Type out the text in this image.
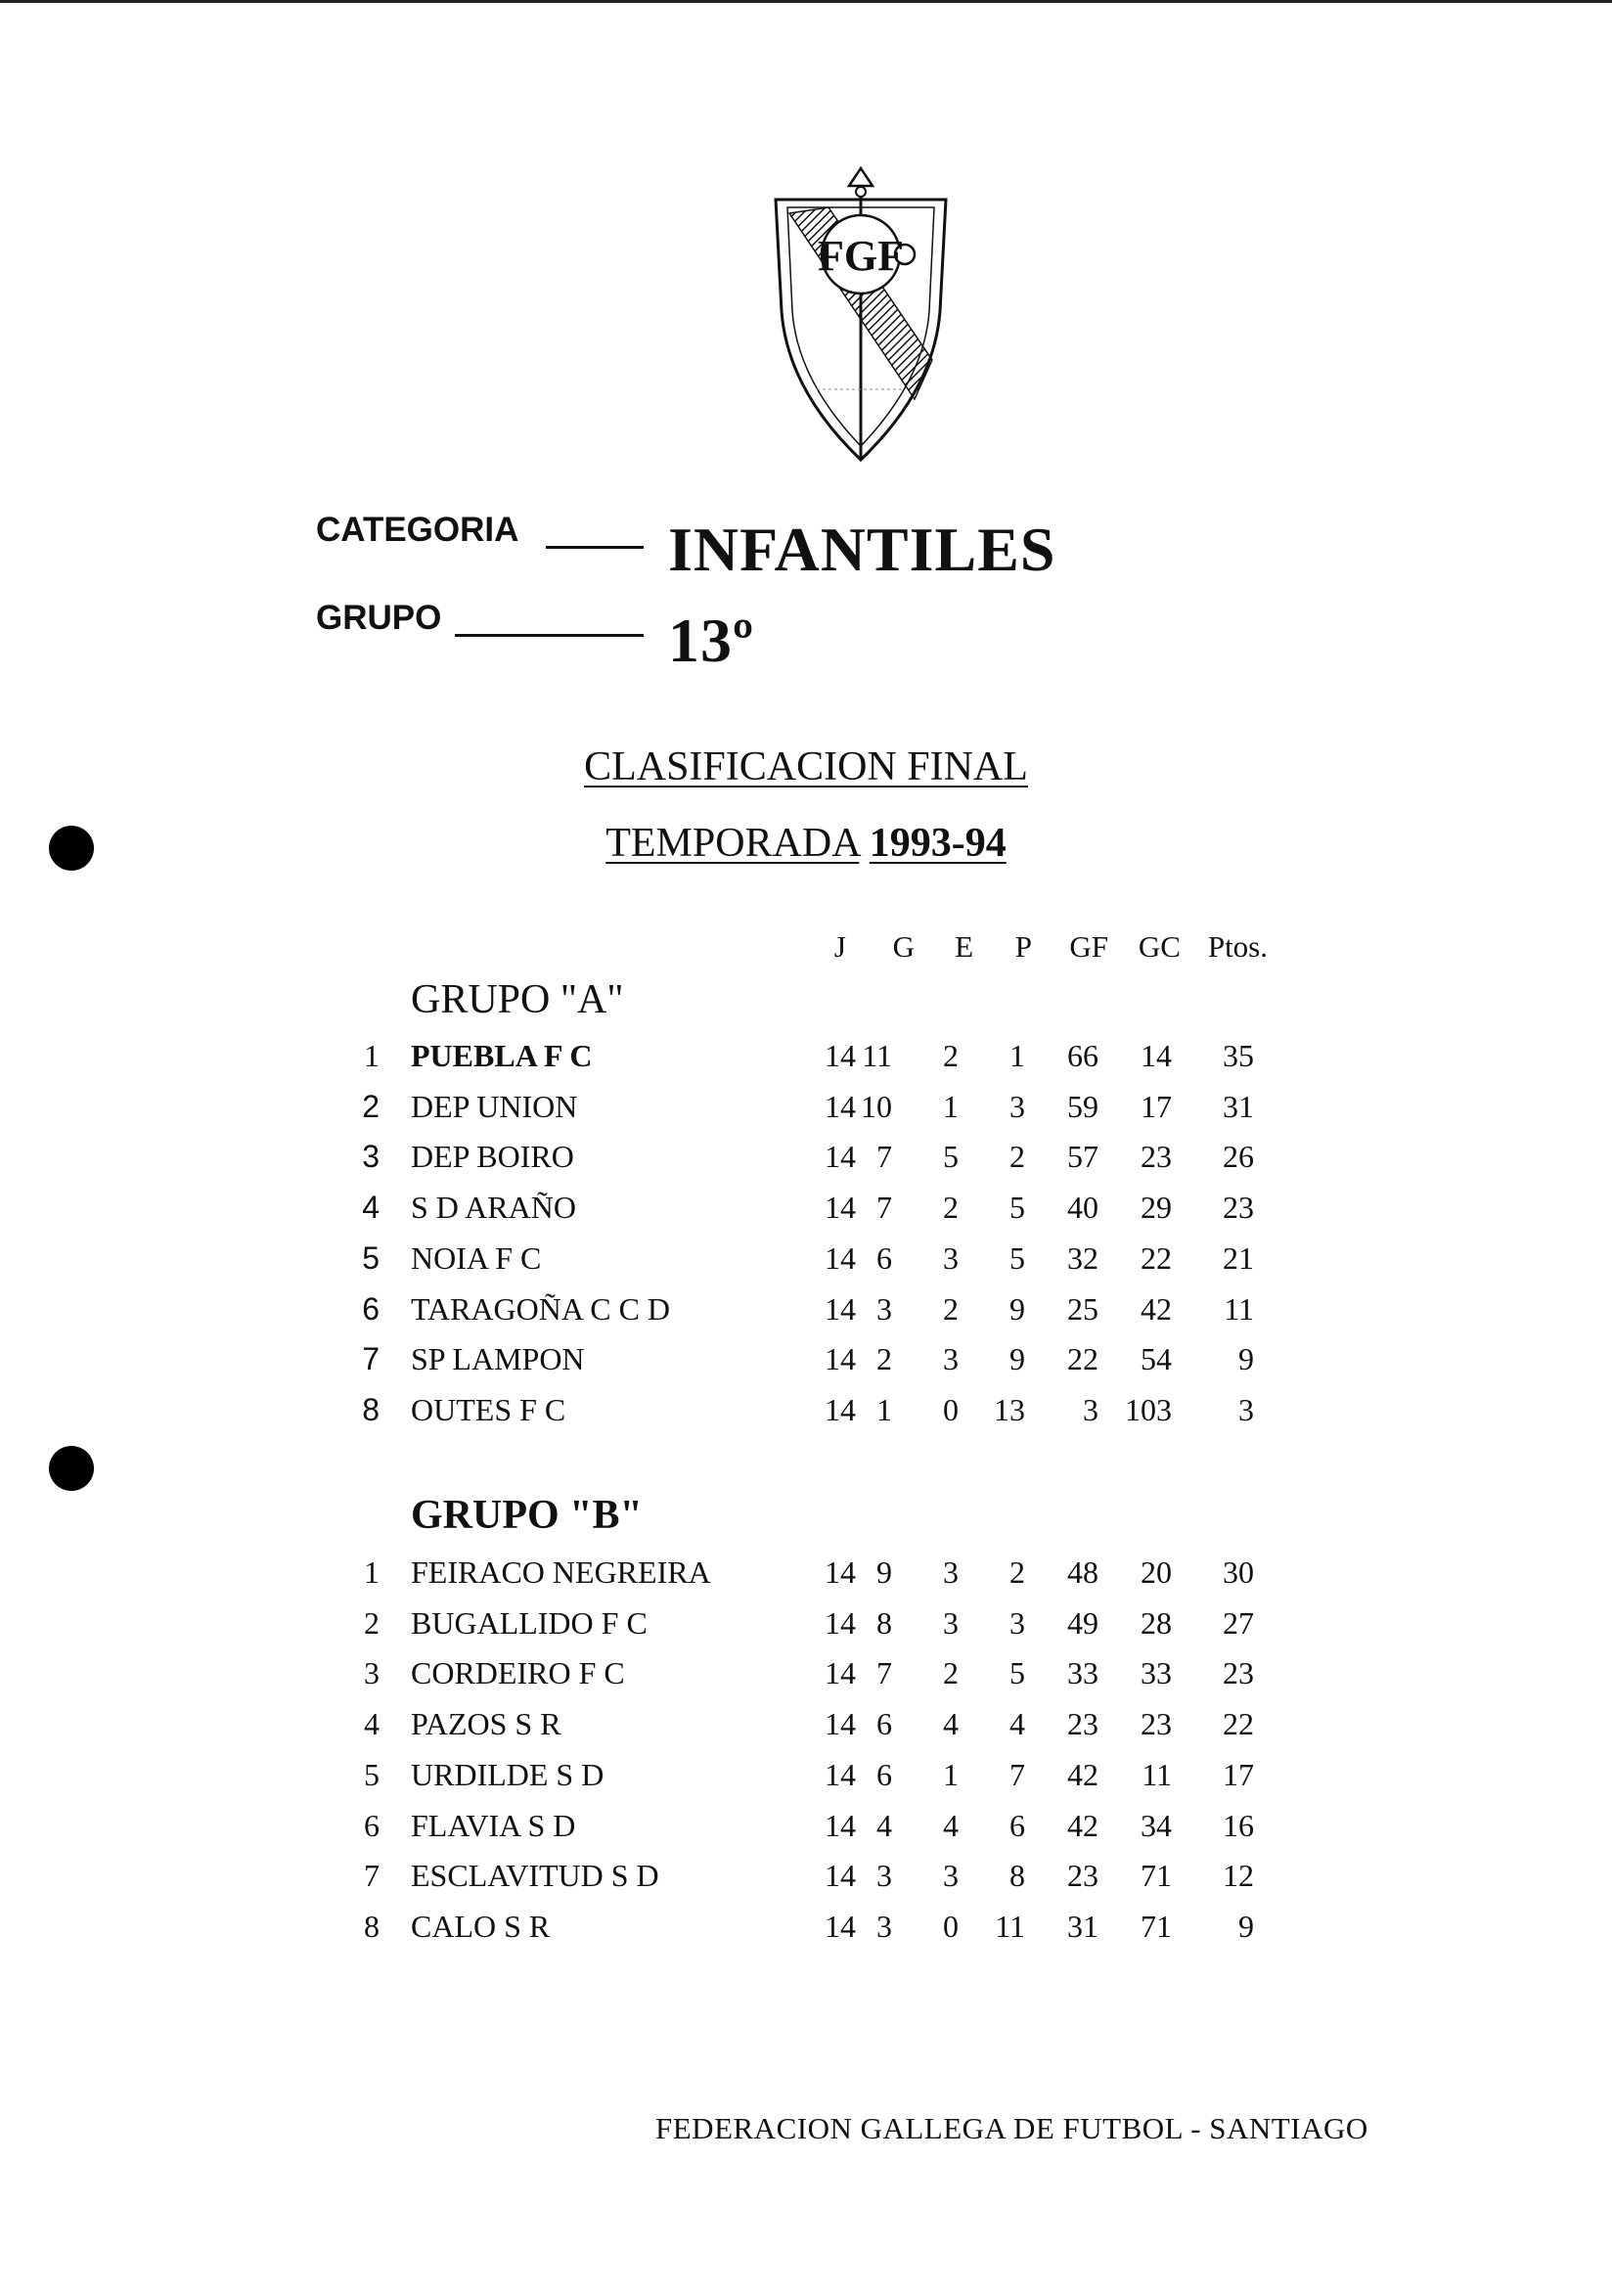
FGF
CATEGORIA INFANTILES
GRUPO	13º
CLASIFICACION FINAL
TEMPORADA 1993-94
J	G	E	P	GF GC Ptos.
GRUPO "A"
GRUPO "B"
1 PUEBLA F C	14 11	2	1	66	14	35
2 DEP UNION	14 10	1	3	59	17	31
3 DEP BOIRO	14 7	5	2	57	23	26
4 S D ARAÑO	14 7	2	5	40	29	23
5 NOIA F C	14 6	3	5	32	22	21
6 TARAGOÑA C C D	14 3	2	9	25	42	11
7 SP LAMPON	14 2	3	9	22	54	9
8 OUTES F C	14 1	0	13	3 103	3
1 FEIRACO NEGREIRA	14 9	3	2	48	20	30
2 BUGALLIDO F C	14 8	3	3	49	28	27
3 CORDEIRO F C	14 7	2	5	33	33	23
4 PAZOS S R	14 6	4	4	23	23	22
5 URDILDE S D	14 6	1	7	42	11	17
6 FLAVIA S D	14 4	4	6	42	34	16
7 ESCLAVITUD S D	14 3	3	8	23	71	12
8 CALO S R	14 3	0	11	31	71	9
FEDERACION GALLEGA DE FUTBOL - SANTIAGO
